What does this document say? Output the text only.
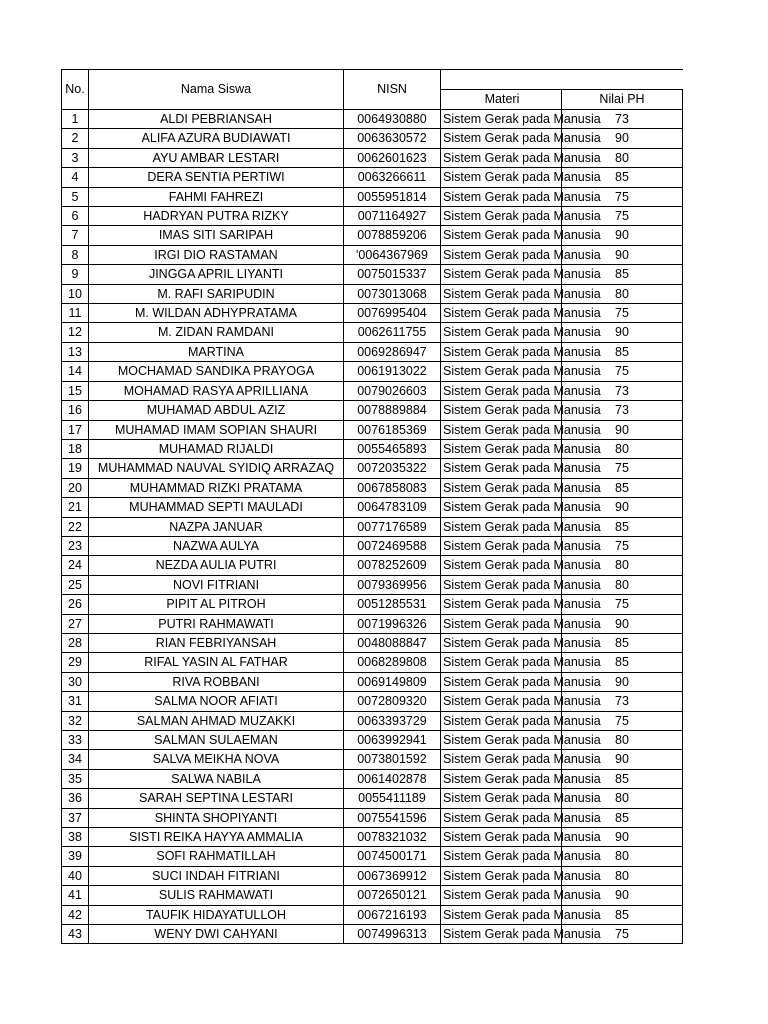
No.	Nama Siswa	NISN		
			Materi	Nilai PH
1	ALDI PEBRIANSAH	0064930880	Sistem Gerak pada Manusia	73
2	ALIFA AZURA BUDIAWATI	0063630572	Sistem Gerak pada Manusia	90
3	AYU AMBAR LESTARI	0062601623	Sistem Gerak pada Manusia	80
4	DERA SENTIA PERTIWI	0063266611	Sistem Gerak pada Manusia	85
5	FAHMI FAHREZI	0055951814	Sistem Gerak pada Manusia	75
6	HADRYAN PUTRA RIZKY	0071164927	Sistem Gerak pada Manusia	75
7	IMAS SITI SARIPAH	0078859206	Sistem Gerak pada Manusia	90
8	IRGI DIO RASTAMAN	'0064367969	Sistem Gerak pada Manusia	90
9	JINGGA APRIL LIYANTI	0075015337	Sistem Gerak pada Manusia	85
10	M. RAFI SARIPUDIN	0073013068	Sistem Gerak pada Manusia	80
11	M. WILDAN ADHYPRATAMA	0076995404	Sistem Gerak pada Manusia	75
12	M. ZIDAN RAMDANI	0062611755	Sistem Gerak pada Manusia	90
13	MARTINA	0069286947	Sistem Gerak pada Manusia	85
14	MOCHAMAD SANDIKA PRAYOGA	0061913022	Sistem Gerak pada Manusia	75
15	MOHAMAD RASYA APRILLIANA	0079026603	Sistem Gerak pada Manusia	73
16	MUHAMAD ABDUL AZIZ	0078889884	Sistem Gerak pada Manusia	73
17	MUHAMAD IMAM SOPIAN SHAURI	0076185369	Sistem Gerak pada Manusia	90
18	MUHAMAD RIJALDI	0055465893	Sistem Gerak pada Manusia	80
19	MUHAMMAD NAUVAL SYIDIQ ARRAZAQ	0072035322	Sistem Gerak pada Manusia	75
20	MUHAMMAD RIZKI PRATAMA	0067858083	Sistem Gerak pada Manusia	85
21	MUHAMMAD SEPTI MAULADI	0064783109	Sistem Gerak pada Manusia	90
22	NAZPA JANUAR	0077176589	Sistem Gerak pada Manusia	85
23	NAZWA AULYA	0072469588	Sistem Gerak pada Manusia	75
24	NEZDA AULIA PUTRI	0078252609	Sistem Gerak pada Manusia	80
25	NOVI FITRIANI	0079369956	Sistem Gerak pada Manusia	80
26	PIPIT AL PITROH	0051285531	Sistem Gerak pada Manusia	75
27	PUTRI RAHMAWATI	0071996326	Sistem Gerak pada Manusia	90
28	RIAN FEBRIYANSAH	0048088847	Sistem Gerak pada Manusia	85
29	RIFAL YASIN AL FATHAR	0068289808	Sistem Gerak pada Manusia	85
30	RIVA ROBBANI	0069149809	Sistem Gerak pada Manusia	90
31	SALMA NOOR AFIATI	0072809320	Sistem Gerak pada Manusia	73
32	SALMAN AHMAD MUZAKKI	0063393729	Sistem Gerak pada Manusia	75
33	SALMAN SULAEMAN	0063992941	Sistem Gerak pada Manusia	80
34	SALVA MEIKHA NOVA	0073801592	Sistem Gerak pada Manusia	90
35	SALWA NABILA	0061402878	Sistem Gerak pada Manusia	85
36	SARAH SEPTINA LESTARI	0055411189	Sistem Gerak pada Manusia	80
37	SHINTA SHOPIYANTI	0075541596	Sistem Gerak pada Manusia	85
38	SISTI REIKA HAYYA AMMALIA	0078321032	Sistem Gerak pada Manusia	90
39	SOFI RAHMATILLAH	0074500171	Sistem Gerak pada Manusia	80
40	SUCI INDAH FITRIANI	0067369912	Sistem Gerak pada Manusia	80
41	SULIS RAHMAWATI	0072650121	Sistem Gerak pada Manusia	90
42	TAUFIK HIDAYATULLOH	0067216193	Sistem Gerak pada Manusia	85
43	WENY DWI CAHYANI	0074996313	Sistem Gerak pada Manusia	75
